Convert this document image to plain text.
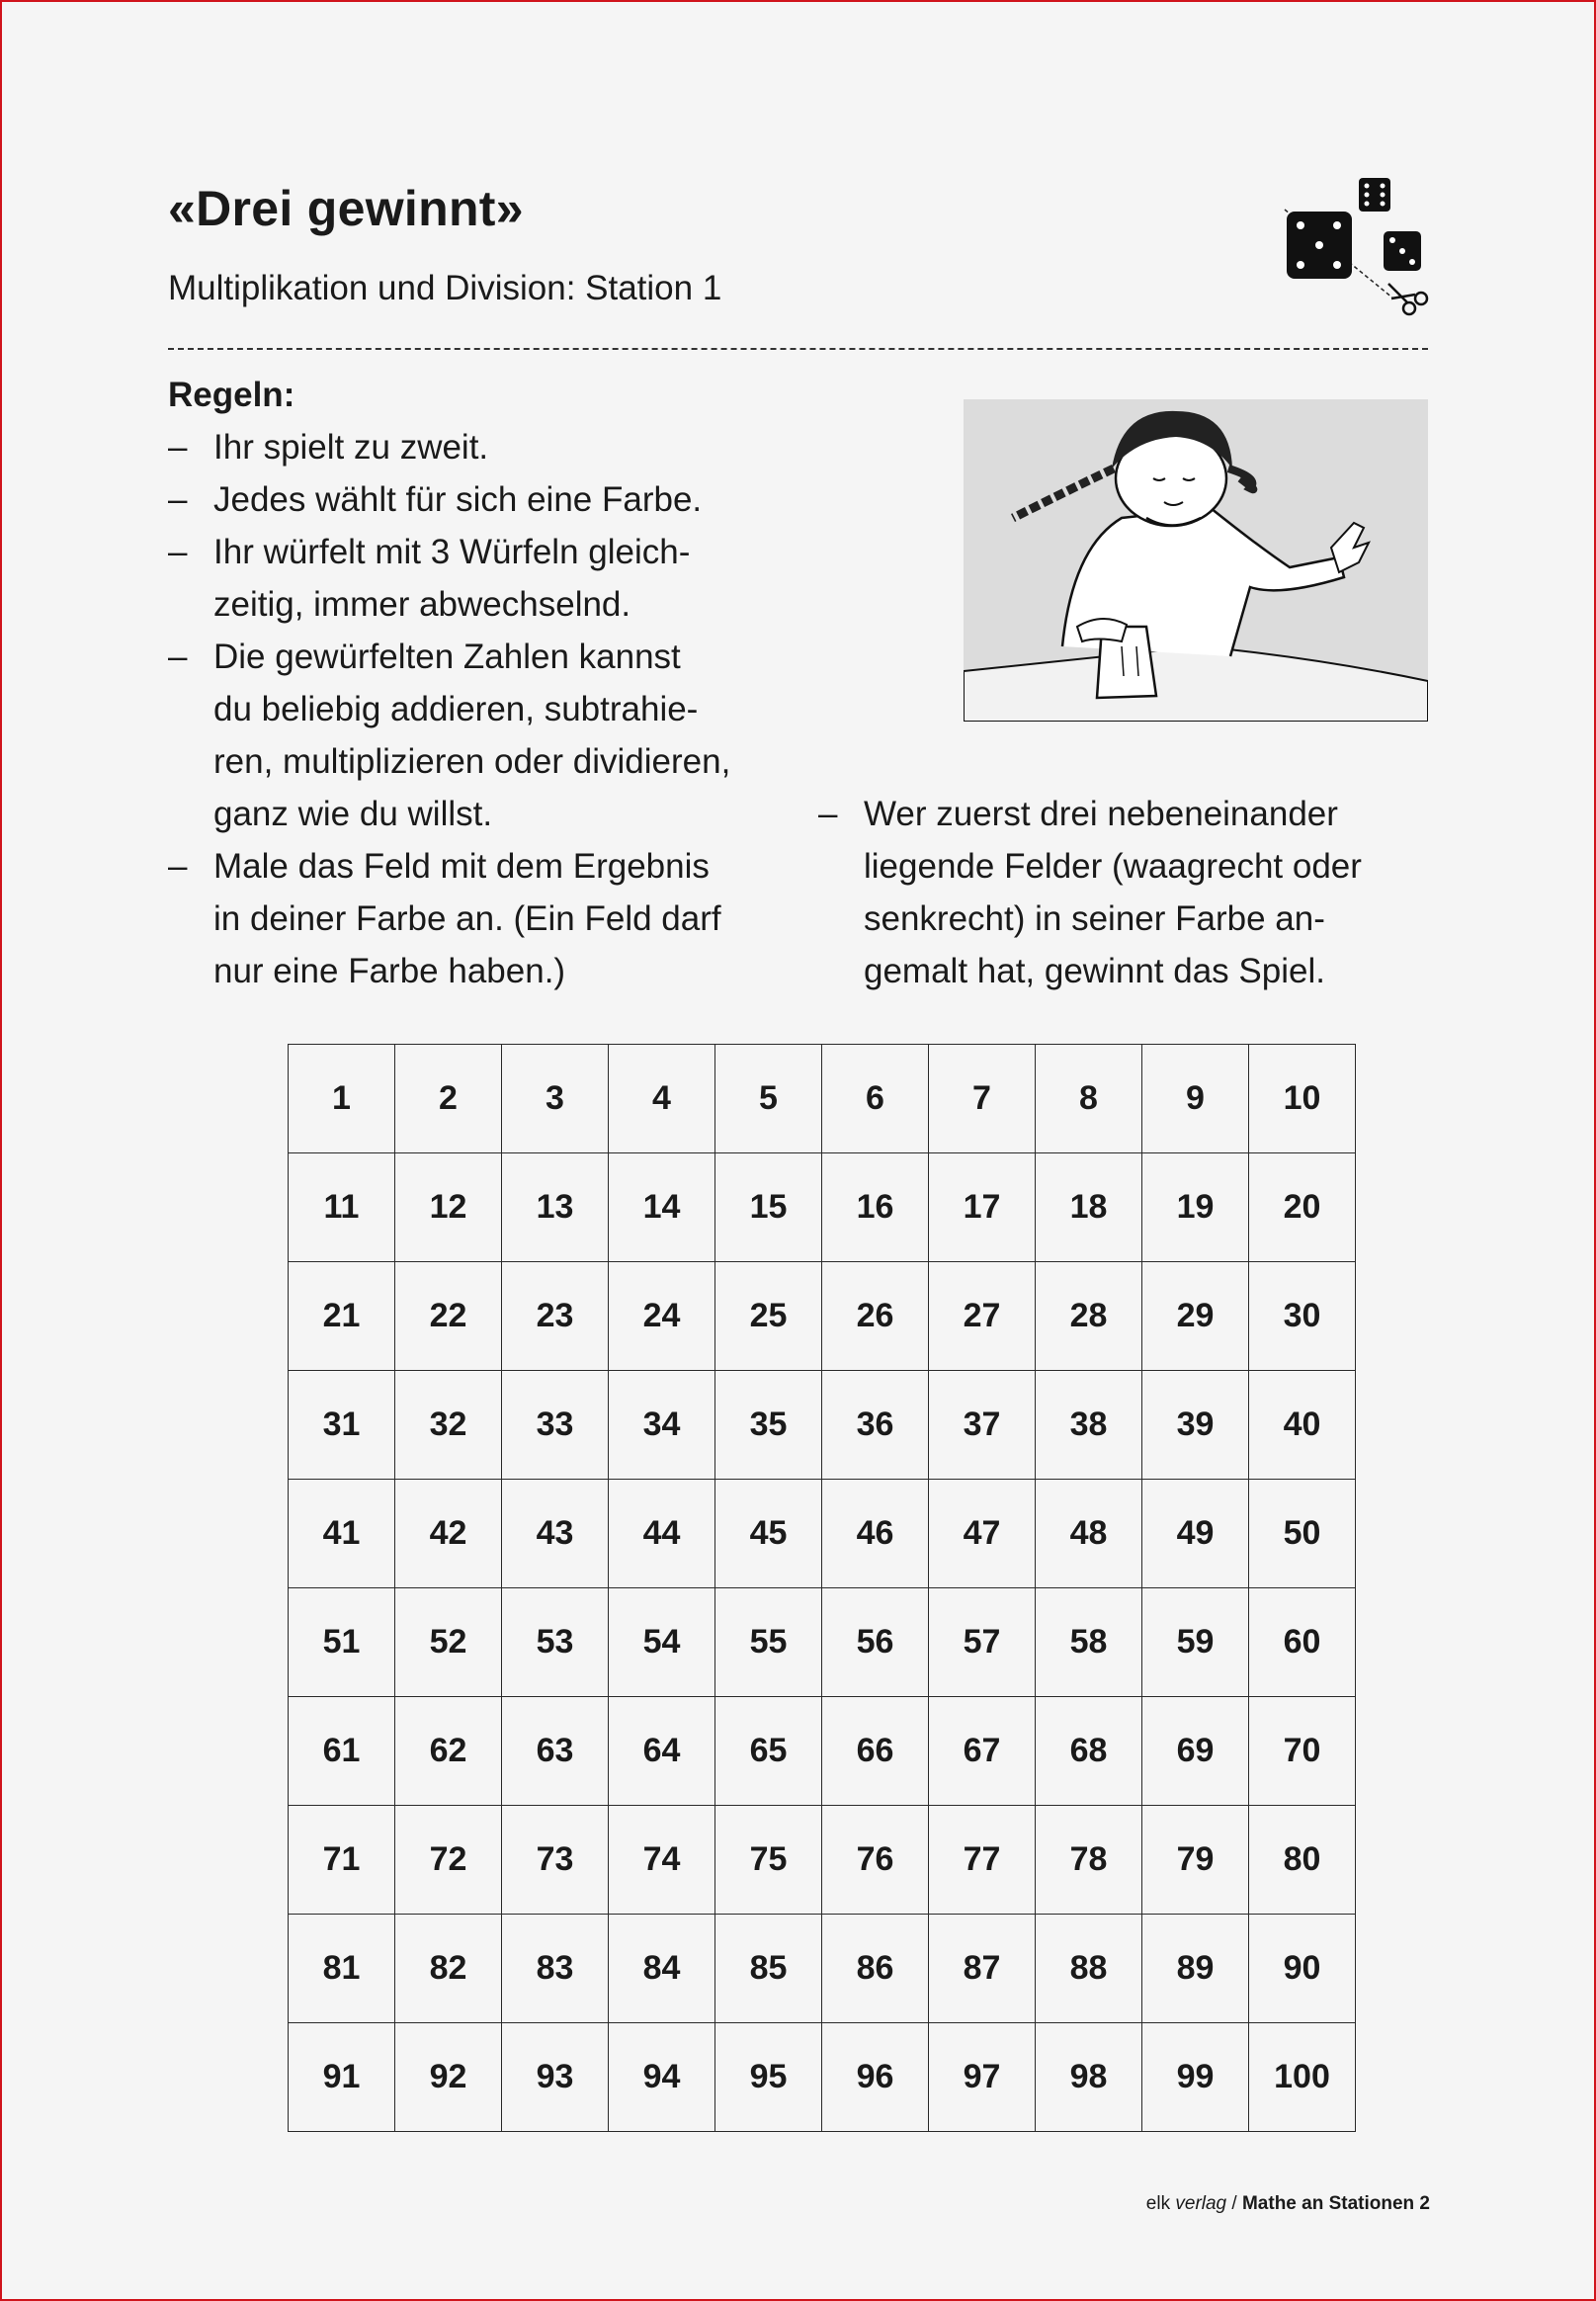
«Drei gewinnt»
Multiplikation und Division: Station 1
Regeln:
– Ihr spielt zu zweit.
– Jedes wählt für sich eine Farbe.
– Ihr würfelt mit 3 Würfeln gleich-
zeitig, immer abwechselnd.
– Die gewürfelten Zahlen kannst
du beliebig addieren, subtrahie-
ren, multiplizieren oder dividieren,
ganz wie du willst.
– Male das Feld mit dem Ergebnis
in deiner Farbe an. (Ein Feld darf
nur eine Farbe haben.)
– Wer zuerst drei nebeneinander
liegende Felder (waagrecht oder
senkrecht) in seiner Farbe an-
gemalt hat, gewinnt das Spiel.
1	2	3	4	5	6	7	8	9	10
11	12	13	14	15	16	17	18	19	20
21	22	23	24	25	26	27	28	29	30
31	32	33	34	35	36	37	38	39	40
41	42	43	44	45	46	47	48	49	50
51	52	53	54	55	56	57	58	59	60
61	62	63	64	65	66	67	68	69	70
71	72	73	74	75	76	77	78	79	80
81	82	83	84	85	86	87	88	89	90
91	92	93	94	95	96	97	98	99	100
elk verlag / Mathe an Stationen 2
